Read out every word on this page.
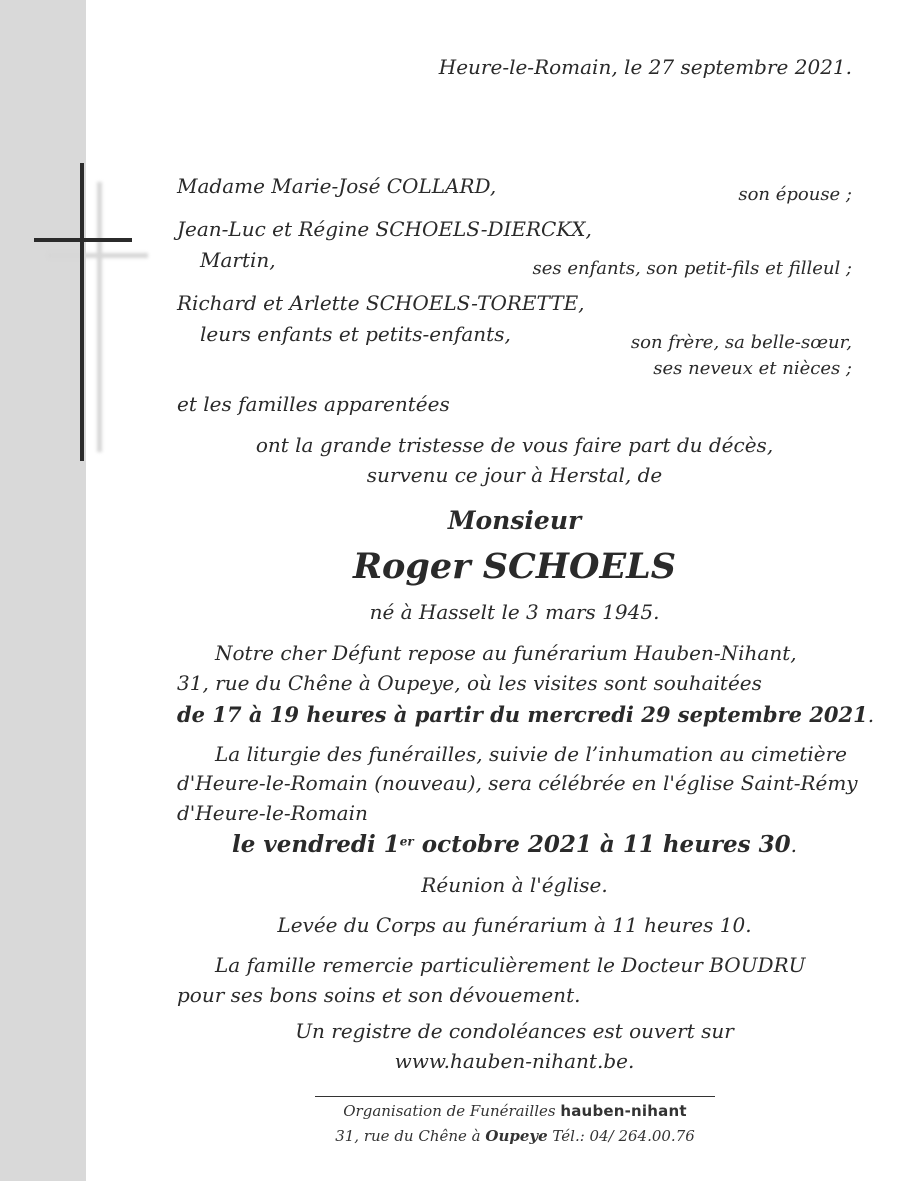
Heure-le-Romain, le 27 septembre 2021.
Madame Marie-José COLLARD,	son épouse ;
Jean-Luc et Régine SCHOELS-DIERCKX,
Martin,	ses enfants, son petit-fils et filleul ;
Richard et Arlette SCHOELS-TORETTE,
leurs enfants et petits-enfants,	son frère, sa belle-sœur,
ses neveux et nièces ;
et les familles apparentées
ont la grande tristesse de vous faire part du décès,
survenu ce jour à Herstal, de
Monsieur
Roger SCHOELS
né à Hasselt le 3 mars 1945.
Notre cher Défunt repose au funérarium Hauben-Nihant,
31, rue du Chêne à Oupeye, où les visites sont souhaitées
de 17 à 19 heures à partir du mercredi 29 septembre 2021.
La liturgie des funérailles, suivie de l’inhumation au cimetière
d'Heure-le-Romain (nouveau), sera célébrée en l'église Saint-Rémy
d'Heure-le-Romain
le vendredi 1er octobre 2021 à 11 heures 30.
Réunion à l'église.
Levée du Corps au funérarium à 11 heures 10.
La famille remercie particulièrement le Docteur BOUDRU
pour ses bons soins et son dévouement.
Un registre de condoléances est ouvert sur
www.hauben-nihant.be.
Organisation de Funérailles hauben-nihant
31, rue du Chêne à Oupeye Tél.: 04/ 264.00.76
